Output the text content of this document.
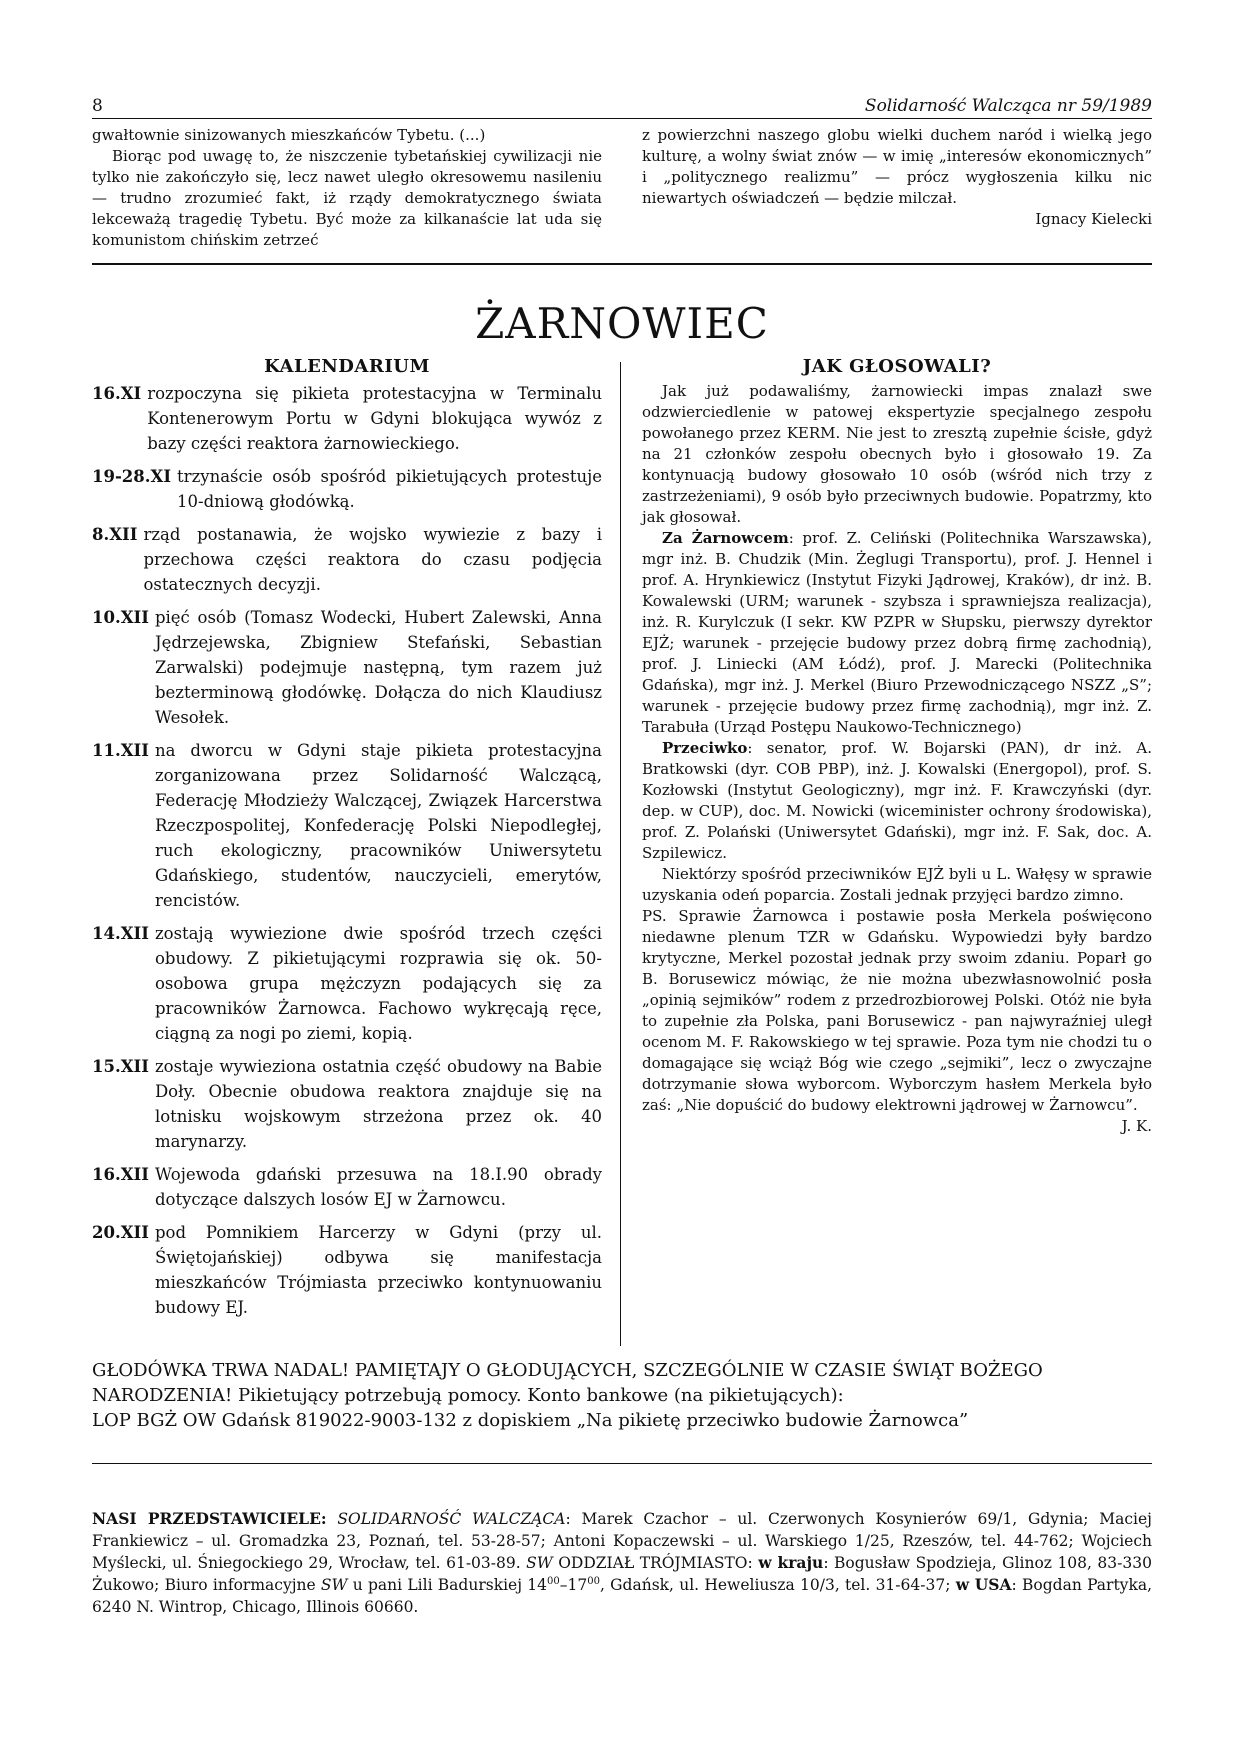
8	Solidarność Walcząca nr 59/1989

gwałtownie sinizowanych mieszkańców Tybetu. (...)

Biorąc pod uwagę to, że niszczenie tybetańskiej cywilizacji nie tylko nie zakończyło się, lecz nawet uległo okresowemu nasileniu — trudno zrozumieć fakt, iż rządy demokratycznego świata lekceważą tragedię Tybetu. Być może za kilkanaście lat uda się komunistom chińskim zetrzeć

z powierzchni naszego globu wielki duchem naród i wielką jego kulturę, a wolny świat znów — w imię „interesów ekonomicznych” i „politycznego realizmu” — prócz wygłoszenia kilku nic niewartych oświadczeń — będzie milczał.

Ignacy Kielecki

ŻARNOWIEC
KALENDARIUM
16.XI rozpoczyna się pikieta protestacyjna w Terminalu Kontenerowym Portu w Gdyni blokująca wywóz z bazy części reaktora żarnowieckiego.
19-28.XI trzynaście osób spośród pikietujących protestuje 10-dniową głodówką.
8.XII rząd postanawia, że wojsko wywiezie z bazy i przechowa części reaktora do czasu podjęcia ostatecznych decyzji.
10.XII pięć osób (Tomasz Wodecki, Hubert Zalewski, Anna Jędrzejewska, Zbigniew Stefański, Sebastian Zarwalski) podejmuje następną, tym razem już bezterminową głodówkę. Dołącza do nich Klaudiusz Wesołek.
11.XII na dworcu w Gdyni staje pikieta protestacyjna zorganizowana przez Solidarność Walczącą, Federację Młodzieży Walczącej, Związek Harcerstwa Rzeczpospolitej, Konfederację Polski Niepodległej, ruch ekologiczny, pracowników Uniwersytetu Gdańskiego, studentów, nauczycieli, emerytów, rencistów.
14.XII zostają wywiezione dwie spośród trzech części obudowy. Z pikietującymi rozprawia się ok. 50-osobowa grupa mężczyzn podających się za pracowników Żarnowca. Fachowo wykręcają ręce, ciągną za nogi po ziemi, kopią.
15.XII zostaje wywieziona ostatnia część obudowy na Babie Doły. Obecnie obudowa reaktora znajduje się na lotnisku wojskowym strzeżona przez ok. 40 marynarzy.
16.XII Wojewoda gdański przesuwa na 18.I.90 obrady dotyczące dalszych losów EJ w Żarnowcu.
20.XII pod Pomnikiem Harcerzy w Gdyni (przy ul. Świętojańskiej) odbywa się manifestacja mieszkańców Trójmiasta przeciwko kontynuowaniu budowy EJ.
JAK GŁOSOWALI?

Jak już podawaliśmy, żarnowiecki impas znalazł swe odzwierciedlenie w patowej ekspertyzie specjalnego zespołu powołanego przez KERM. Nie jest to zresztą zupełnie ścisłe, gdyż na 21 członków zespołu obecnych było i głosowało 19. Za kontynuacją budowy głosowało 10 osób (wśród nich trzy z zastrzeżeniami), 9 osób było przeciwnych budowie. Popatrzmy, kto jak głosował.

Za Żarnowcem: prof. Z. Celiński (Politechnika Warszawska), mgr inż. B. Chudzik (Min. Żeglugi Transportu), prof. J. Hennel i prof. A. Hrynkiewicz (Instytut Fizyki Jądrowej, Kraków), dr inż. B. Kowalewski (URM; warunek - szybsza i sprawniejsza realizacja), inż. R. Kurylczuk (I sekr. KW PZPR w Słupsku, pierwszy dyrektor EJŻ; warunek - przejęcie budowy przez dobrą firmę zachodnią), prof. J. Liniecki (AM Łódź), prof. J. Marecki (Politechnika Gdańska), mgr inż. J. Merkel (Biuro Przewodniczącego NSZZ „S”; warunek - przejęcie budowy przez firmę zachodnią), mgr inż. Z. Tarabuła (Urząd Postępu Naukowo-Technicznego)

Przeciwko: senator, prof. W. Bojarski (PAN), dr inż. A. Bratkowski (dyr. COB PBP), inż. J. Kowalski (Energopol), prof. S. Kozłowski (Instytut Geologiczny), mgr inż. F. Krawczyński (dyr. dep. w CUP), doc. M. Nowicki (wiceminister ochrony środowiska), prof. Z. Polański (Uniwersytet Gdański), mgr inż. F. Sak, doc. A. Szpilewicz.

Niektórzy spośród przeciwników EJŻ byli u L. Wałęsy w sprawie uzyskania odeń poparcia. Zostali jednak przyjęci bardzo zimno.

PS. Sprawie Żarnowca i postawie posła Merkela poświęcono niedawne plenum TZR w Gdańsku. Wypowiedzi były bardzo krytyczne, Merkel pozostał jednak przy swoim zdaniu. Poparł go B. Borusewicz mówiąc, że nie można ubezwłasnowolnić posła „opinią sejmików” rodem z przedrozbiorowej Polski. Otóż nie była to zupełnie zła Polska, pani Borusewicz - pan najwyraźniej uległ ocenom M. F. Rakowskiego w tej sprawie. Poza tym nie chodzi tu o domagające się wciąż Bóg wie czego „sejmiki”, lecz o zwyczajne dotrzymanie słowa wyborcom. Wyborczym hasłem Merkela było zaś: „Nie dopuścić do budowy elektrowni jądrowej w Żarnowcu”.

J. K.

GŁODÓWKA TRWA NADAL! PAMIĘTAJY O GŁODUJĄCYCH, SZCZEGÓLNIE W CZASIE ŚWIĄT BOŻEGO NARODZENIA! Pikietujący potrzebują pomocy. Konto bankowe (na pikietujących):

LOP BGŻ OW Gdańsk 819022-9003-132 z dopiskiem „Na pikietę przeciwko budowie Żarnowca”

NASI PRZEDSTAWICIELE: SOLIDARNOŚĆ WALCZĄCA: Marek Czachor – ul. Czerwonych Kosynierów 69/1, Gdynia; Maciej Frankiewicz – ul. Gromadzka 23, Poznań, tel. 53-28-57; Antoni Kopaczewski – ul. Warskiego 1/25, Rzeszów, tel. 44-762; Wojciech Myślecki, ul. Śniegockiego 29, Wrocław, tel. 61-03-89. SW ODDZIAŁ TRÓJMIASTO: w kraju: Bogusław Spodzieja, Glinoz 108, 83-330 Żukowo; Biuro informacyjne SW u pani Lili Badurskiej $14^{00}-17^{00}$, Gdańsk, ul. Heweliusza 10/3, tel. 31-64-37; w USA: Bogdan Partyka, 6240 N. Wintrop, Chicago, Illinois 60660.
